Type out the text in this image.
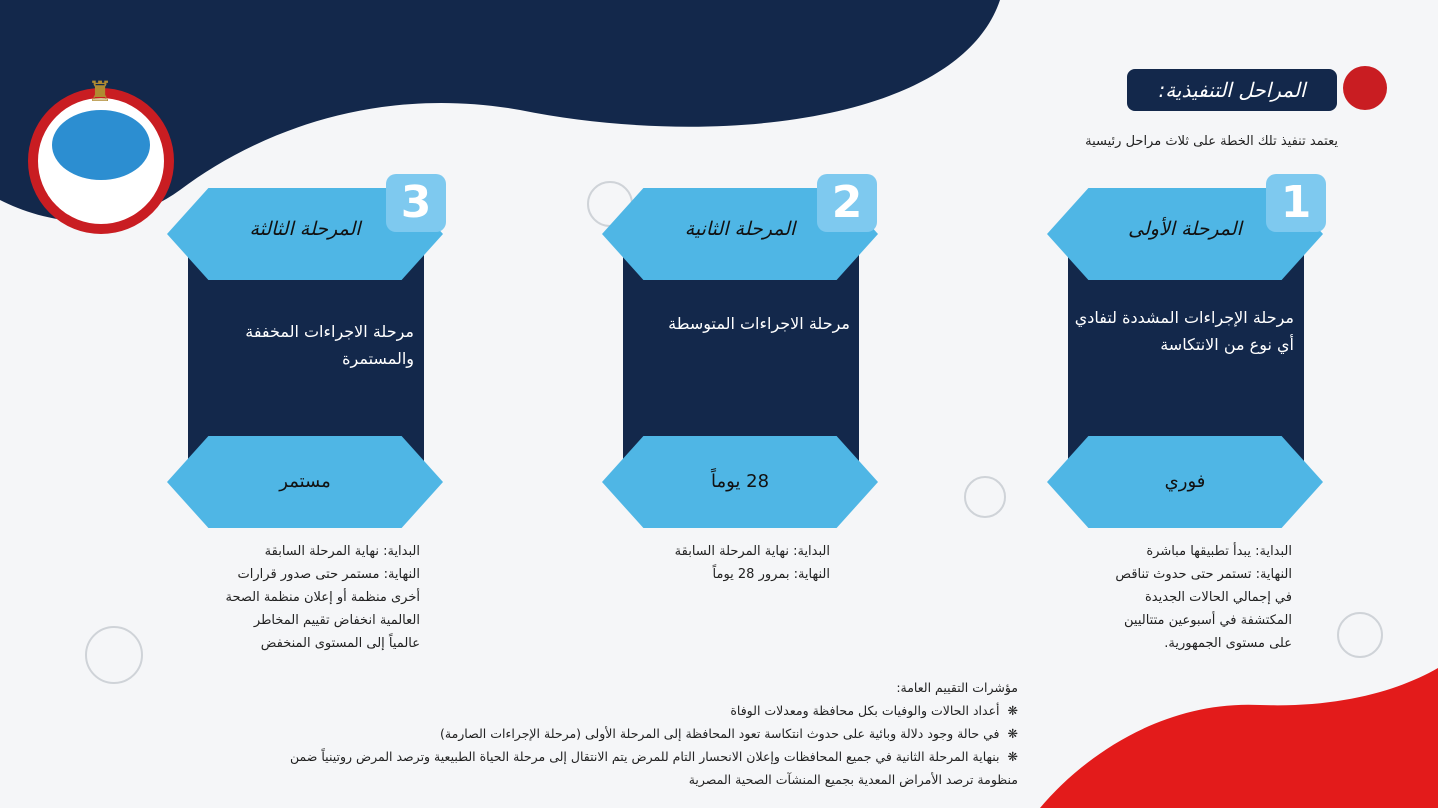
Ministry of Health & Population
وزارة الصحة والسكان
♜	المراحل التنفيذية:
يعتمد تنفيذ تلك الخطة على ثلاث مراحل رئيسية
المرحلة الأولى
1
مرحلة الإجراءات المشددة لتفادي أي نوع من الانتكاسة
فوري
البداية: يبدأ تطبيقها مباشرة
النهاية: تستمر حتى حدوث تناقص
في إجمالي الحالات الجديدة
المكتشفة في أسبوعين متتاليين
على مستوى الجمهورية.
المرحلة الثانية
2
مرحلة الاجراءات المتوسطة
28 يوماً
البداية: نهاية المرحلة السابقة
النهاية: بمرور 28 يوماً
المرحلة الثالثة
3
مرحلة الاجراءات المخففة والمستمرة
مستمر
البداية: نهاية المرحلة السابقة
النهاية: مستمر حتى صدور قرارات
أخرى منظمة أو إعلان منظمة الصحة
العالمية انخفاض تقييم المخاطر
عالمياً إلى المستوى المنخفض
مؤشرات التقييم العامة:
❋أعداد الحالات والوفيات بكل محافظة ومعدلات الوفاة
❋في حالة وجود دلالة وبائية على حدوث انتكاسة تعود المحافظة إلى المرحلة الأولى (مرحلة الإجراءات الصارمة)
❋بنهاية المرحلة الثانية في جميع المحافظات وإعلان الانحسار التام للمرض يتم الانتقال إلى مرحلة الحياة الطبيعية وترصد المرض روتينياً ضمن
منظومة ترصد الأمراض المعدية بجميع المنشآت الصحية المصرية
